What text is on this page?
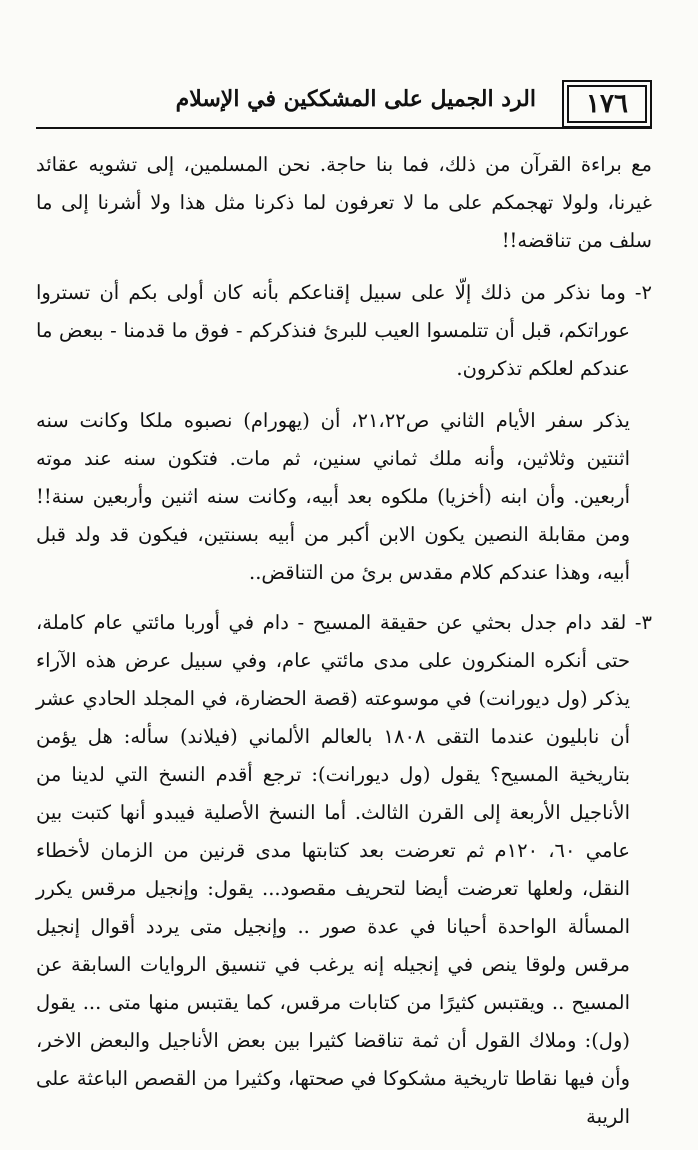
١٧٦
الرد الجميل على المشككين في الإسلام

مع براءة القرآن من ذلك، فما بنا حاجة. نحن المسلمين، إلى تشويه عقائد غيرنا، ولولا تهجمكم على ما لا تعرفون لما ذكرنا مثل هذا ولا أشرنا إلى ما سلف من تناقضه!!

٢- وما نذكر من ذلك إلّا على سبيل إقناعكم بأنه كان أولى بكم أن تستروا عوراتكم، قبل أن تتلمسوا العيب للبرئ فنذكركم - فوق ما قدمنا - ببعض ما عندكم لعلكم تذكرون.

يذكر سفر الأيام الثاني ص٢١،٢٢، أن (يهورام) نصبوه ملكا وكانت سنه اثنتين وثلاثين، وأنه ملك ثماني سنين، ثم مات. فتكون سنه عند موته أربعين. وأن ابنه (أخزيا) ملكوه بعد أبيه، وكانت سنه اثنين وأربعين سنة!! ومن مقابلة النصين يكون الابن أكبر من أبيه بسنتين، فيكون قد ولد قبل أبيه، وهذا عندكم كلام مقدس برئ من التناقض..

٣- لقد دام جدل بحثي عن حقيقة المسيح - دام في أوربا مائتي عام كاملة، حتى أنكره المنكرون على مدى مائتي عام، وفي سبيل عرض هذه الآراء يذكر (ول ديورانت) في موسوعته (قصة الحضارة، في المجلد الحادي عشر أن نابليون عندما التقى ١٨٠٨ بالعالم الألماني (فيلاند) سأله: هل يؤمن بتاريخية المسيح؟ يقول (ول ديورانت): ترجع أقدم النسخ التي لدينا من الأناجيل الأربعة إلى القرن الثالث. أما النسخ الأصلية فيبدو أنها كتبت بين عامي ٦٠، ١٢٠م ثم تعرضت بعد كتابتها مدى قرنين من الزمان لأخطاء النقل، ولعلها تعرضت أيضا لتحريف مقصود... يقول: وإنجيل مرقس يكرر المسألة الواحدة أحيانا في عدة صور .. وإنجيل متى يردد أقوال إنجيل مرقس ولوقا ينص في إنجيله إنه يرغب في تنسيق الروايات السابقة عن المسيح .. ويقتبس كثيرًا من كتابات مرقس، كما يقتبس منها متى ... يقول (ول): وملاك القول أن ثمة تناقضا كثيرا بين بعض الأناجيل والبعض الاخر، وأن فيها نقاطا تاريخية مشكوكا في صحتها، وكثيرا من القصص الباعثة على الريبة
